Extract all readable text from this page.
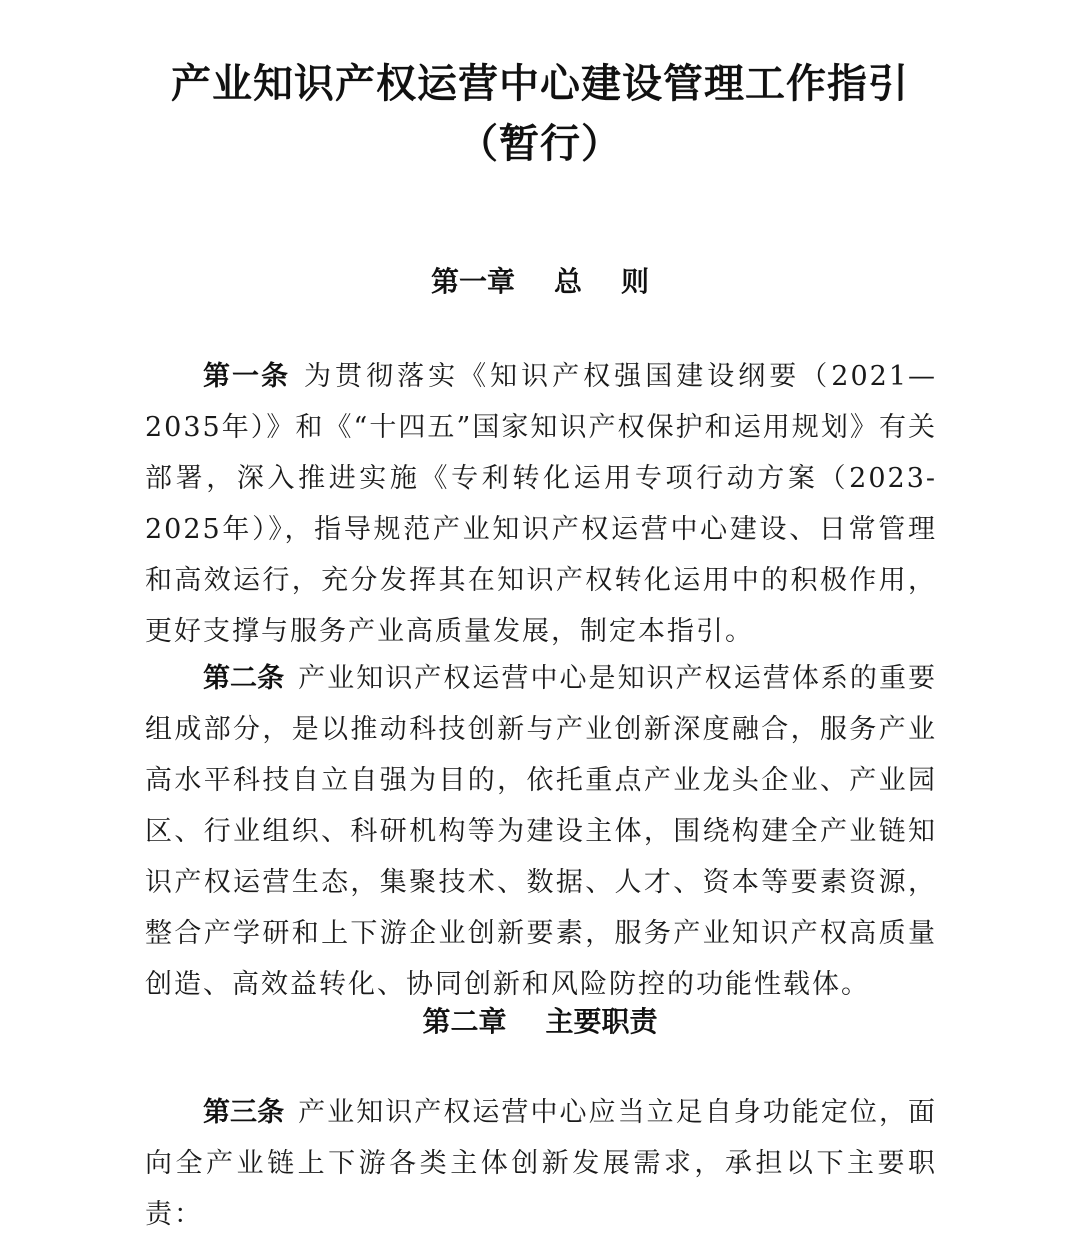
产业知识产权运营中心建设管理工作指引
（暂行）
第一章    总    则

第一条 为贯彻落实《知识产权强国建设纲要（2021—2035年）》和《“十四五”国家知识产权保护和运用规划》有关部署，深入推进实施《专利转化运用专项行动方案（2023-2025年）》，指导规范产业知识产权运营中心建设、日常管理和高效运行，充分发挥其在知识产权转化运用中的积极作用，更好支撑与服务产业高质量发展，制定本指引。

第二条 产业知识产权运营中心是知识产权运营体系的重要组成部分，是以推动科技创新与产业创新深度融合，服务产业高水平科技自立自强为目的，依托重点产业龙头企业、产业园区、行业组织、科研机构等为建设主体，围绕构建全产业链知识产权运营生态，集聚技术、数据、人才、资本等要素资源，整合产学研和上下游企业创新要素，服务产业知识产权高质量创造、高效益转化、协同创新和风险防控的功能性载体。

第二章    主要职责

第三条 产业知识产权运营中心应当立足自身功能定位，面向全产业链上下游各类主体创新发展需求，承担以下主要职责：
